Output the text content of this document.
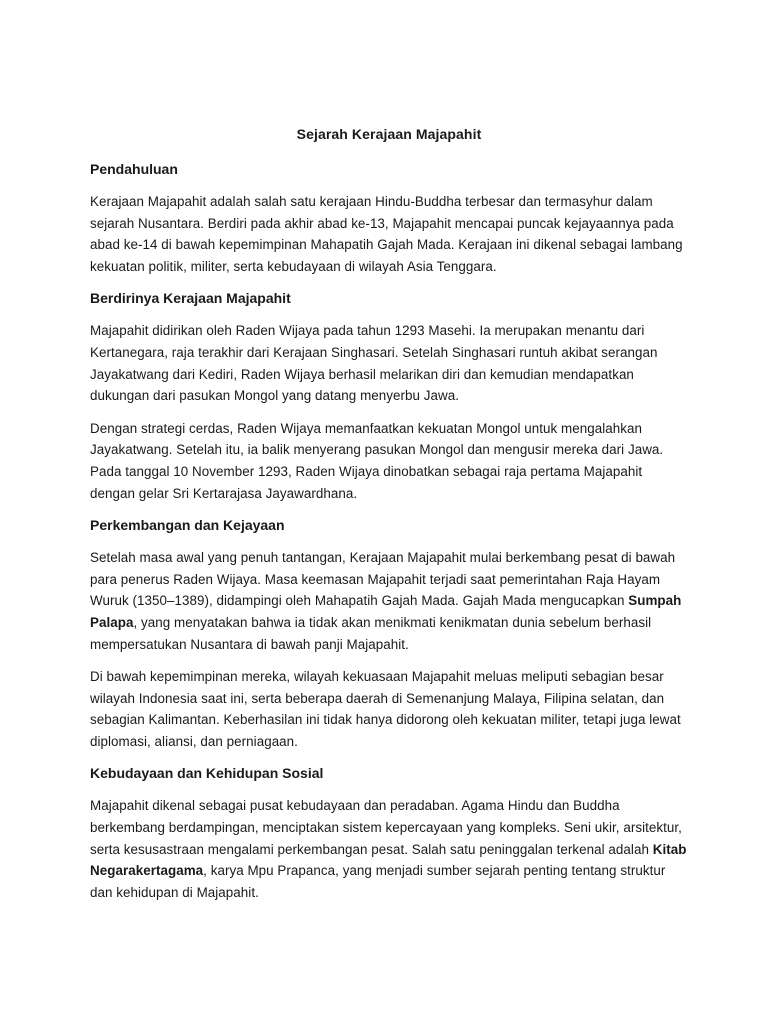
Sejarah Kerajaan Majapahit
Pendahuluan

Kerajaan Majapahit adalah salah satu kerajaan Hindu-Buddha terbesar dan termasyhur dalam sejarah Nusantara. Berdiri pada akhir abad ke-13, Majapahit mencapai puncak kejayaannya pada abad ke-14 di bawah kepemimpinan Mahapatih Gajah Mada. Kerajaan ini dikenal sebagai lambang kekuatan politik, militer, serta kebudayaan di wilayah Asia Tenggara.

Berdirinya Kerajaan Majapahit

Majapahit didirikan oleh Raden Wijaya pada tahun 1293 Masehi. Ia merupakan menantu dari Kertanegara, raja terakhir dari Kerajaan Singhasari. Setelah Singhasari runtuh akibat serangan Jayakatwang dari Kediri, Raden Wijaya berhasil melarikan diri dan kemudian mendapatkan dukungan dari pasukan Mongol yang datang menyerbu Jawa.

Dengan strategi cerdas, Raden Wijaya memanfaatkan kekuatan Mongol untuk mengalahkan Jayakatwang. Setelah itu, ia balik menyerang pasukan Mongol dan mengusir mereka dari Jawa. Pada tanggal 10 November 1293, Raden Wijaya dinobatkan sebagai raja pertama Majapahit dengan gelar Sri Kertarajasa Jayawardhana.

Perkembangan dan Kejayaan

Setelah masa awal yang penuh tantangan, Kerajaan Majapahit mulai berkembang pesat di bawah para penerus Raden Wijaya. Masa keemasan Majapahit terjadi saat pemerintahan Raja Hayam Wuruk (1350–1389), didampingi oleh Mahapatih Gajah Mada. Gajah Mada mengucapkan Sumpah Palapa, yang menyatakan bahwa ia tidak akan menikmati kenikmatan dunia sebelum berhasil mempersatukan Nusantara di bawah panji Majapahit.

Di bawah kepemimpinan mereka, wilayah kekuasaan Majapahit meluas meliputi sebagian besar wilayah Indonesia saat ini, serta beberapa daerah di Semenanjung Malaya, Filipina selatan, dan sebagian Kalimantan. Keberhasilan ini tidak hanya didorong oleh kekuatan militer, tetapi juga lewat diplomasi, aliansi, dan perniagaan.

Kebudayaan dan Kehidupan Sosial

Majapahit dikenal sebagai pusat kebudayaan dan peradaban. Agama Hindu dan Buddha berkembang berdampingan, menciptakan sistem kepercayaan yang kompleks. Seni ukir, arsitektur, serta kesusastraan mengalami perkembangan pesat. Salah satu peninggalan terkenal adalah Kitab Negarakertagama, karya Mpu Prapanca, yang menjadi sumber sejarah penting tentang struktur dan kehidupan di Majapahit.
